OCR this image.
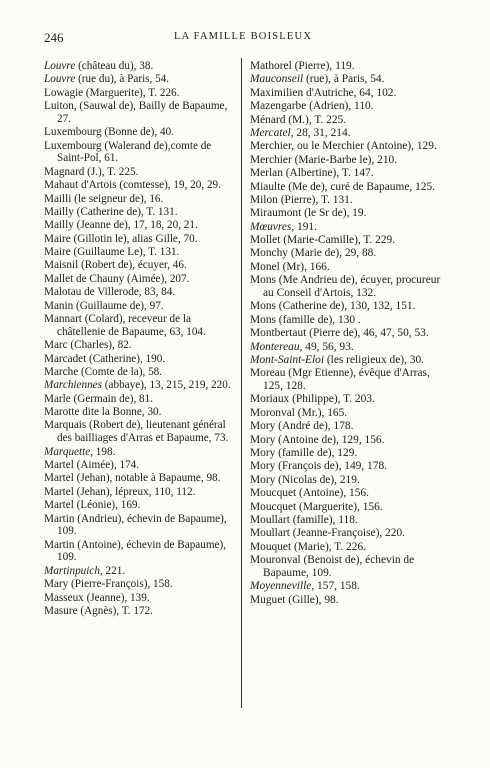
246	LA FAMILLE BOISLEUX

Louvre (château du), 38.

Louvre (rue du), à Paris, 54.

Lowagie (Marguerite), T. 226.

Luiton, (Sauwal de), Bailly de Bapaume, 27.

Luxembourg (Bonne de), 40.

Luxembourg (Walerand de),comte de Saint-Pol, 61.

Magnard (J.), T. 225.

Mahaut d'Artois (comtesse), 19, 20, 29.

Mailli (le seigneur de), 16.

Mailly (Catherine de), T. 131.

Mailly (Jeanne de), 17, 18, 20, 21.

Maire (Gillotin le), alias Gille, 70.

Maire (Guillaume Le), T. 131.

Maisnil (Robert de), écuyer, 46.

Mallet de Chauny (Aimée), 207.

Malotau de Villerode, 83, 84.

Manin (Guillaume de), 97.

Mannart (Colard), receveur de la châtellenie de Bapaume, 63, 104.

Marc (Charles), 82.

Marcadet (Catherine), 190.

Marche (Comte de la), 58.

Marchiennes (abbaye), 13, 215, 219, 220.

Marle (Germain de), 81.

Marotte dite la Bonne, 30.

Marquais (Robert de), lieutenant général des bailliages d'Arras et Bapaume, 73.

Marquette, 198.

Martel (Aimée), 174.

Martel (Jehan), notable à Bapaume, 98.

Martel (Jehan), lépreux, 110, 112.

Martel (Léonie), 169.

Martin (Andrieu), échevin de Bapaume), 109.

Martin (Antoine), échevin de Bapaume), 109.

Martinpuich, 221.

Mary (Pierre-François), 158.

Masseux (Jeanne), 139.

Masure (Agnès), T. 172.

Mathorel (Pierre), 119.

Mauconseil (rue), à Paris, 54.

Maximilien d'Autriche, 64, 102.

Mazengarbe (Adrien), 110.

Ménard (M.), T. 225.

Mercatel, 28, 31, 214.

Merchier, ou le Merchier (Antoine), 129.

Merchier (Marie-Barbe le), 210.

Merlan (Albertine), T. 147.

Miaulte (Me de), curé de Bapaume, 125.

Milon (Pierre), T. 131.

Miraumont (le Sr de), 19.

Mœuvres, 191.

Mollet (Marie-Camille), T. 229.

Monchy (Marie de), 29, 88.

Monel (Mr), 166.

Mons (Me Andrieu de), écuyer, procureur au Conseil d'Artois, 132.

Mons (Catherine de), 130, 132, 151.

Mons (famille de), 130 .

Montbertaut (Pierre de), 46, 47, 50, 53.

Montereau, 49, 56, 93.

Mont-Saint-Eloi (les religieux de), 30.

Moreau (Mgr Etienne), évêque d'Arras, 125, 128.

Moriaux (Philippe), T. 203.

Moronval (Mr.), 165.

Mory (André de), 178.

Mory (Antoine de), 129, 156.

Mory (famille de), 129.

Mory (François de), 149, 178.

Mory (Nicolas de), 219.

Moucquet (Antoine), 156.

Moucquet (Marguerite), 156.

Moullart (famille), 118.

Moullart (Jeanne-Françoise), 220.

Mouquet (Marie), T. 226.

Mouronval (Benoist de), échevin de Bapaume, 109.

Moyenneville, 157, 158.

Muguet (Gille), 98.
